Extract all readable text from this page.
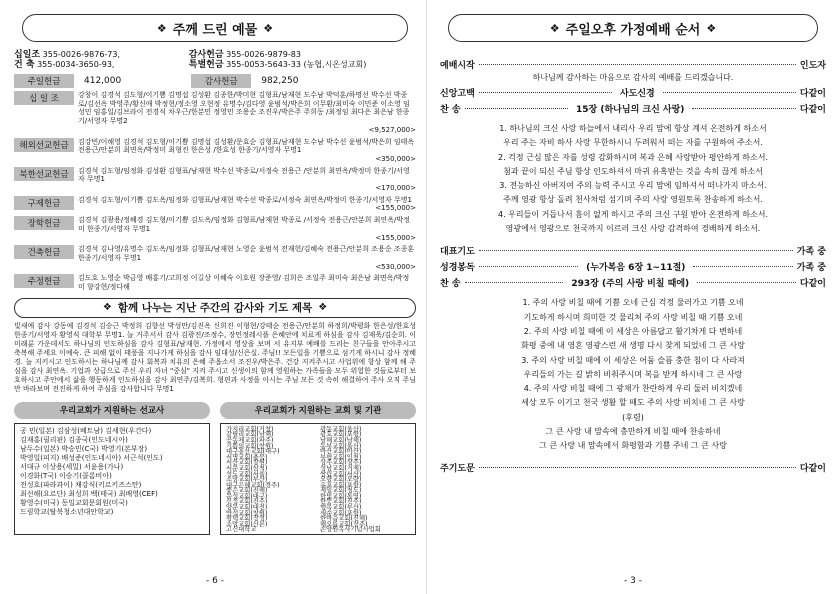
❖ 주께 드린 예물 ❖
십일조 355-0026-9876-73,
건 축 355-0034-3650-93,
감사헌금 355-0026-9879-83
특별헌금 355-0053-5643-33 (농협,시온성교회)
주일헌금	412,000	감사헌금	982,250
십 일 조	강창이 김경석 김도형/이기쁨 김명섭 김성환 김종한/박미현 김형표/남재현 도수남 박덕훈/하명선 박수선 박종로/김선옥 박영주/황신애 박정현/정소영 오현정 유명수/김다영 윤범석/박은희 이무환/최미숙 이민준 이소영 임성민 임홍일/김브라이 전경식 차우근/한분민 정영민 조용순 조진우/박은주 주희동 /최정임 최다은 최은남 한종기/서영자 무명2
<9,527,000>
해외선교헌금	김강빈/이해영 김경석 김도형/이기쁨 김명섭 김성환/문효순 김형표/남재현 도수남 박수선 윤범석/박은희 임태옥 전용근/안분희 최면옥/박정미 최형진 한은성 /한효성 한종기/서영자 무명1
<350,000>
북한선교헌금	김경석 김도형/임정화 김성환 김형표/남재현 박수선 박종로/서정숙 전용근 /안분희 최연옥/박정미 한종기/서영자 무명1
<170,000>
구제헌금	김경석 김도형/이기쁨 김도옥/임정화 김형표/남재현 박수선 박종로/서정숙 최연옥/박정미 한종기/서영자 무명1
<155,000>
장학헌금	김경석 김광용/정혜경 김도형/이기쁨 김도옥/임정화 김형표/남재현 박종로 /서정숙 전용근/안분희 최연옥/박정미 한종기/서영자 무명1
<155,000>
건축헌금	김경석 김나영/유명수 김도옥/임정화 김형표/남재현 노영순 윤범석 전재헌/김혜숙 전용근/안분희 조용순 조종훈 한종기/서영자 무명1
<530,000>
주정헌금	김도호 노영순 박금영 배홍기/고희정 이길상 이혜숙 이호원 장준영/ 김희은 조일주 최미숙 최은남 최면옥/박정미 향강현/정다해
❖ 함께 나누는 지난 주간의 감사와 기도 제목 ❖
빛새예 감사 강동예 김경석 김승근 박정희 김향선 박성만/김진옥 신희진 이형현/강태순 전용근/안분희 하정희/박평화 한은성/한효성 한종기/서영자 황영식 대학부 무명1. 늘 거주서서 감사 김광진/조정수, 장민정레시플 은혜안에 치료게 하심을 감사 김재욱/김순희. 이 미래룬 가운데서도 하나님의 인도하심을 감사 김형표/남재현. 가정에서 영상을 보며 서 유지부 예배를 드리는 친구들을 안아주시고 축복해 주세요 이예숙. 큰 피해 없이 태풍을 지나가게 하심을 감사 임대성/신은실. 주님!! 모든일을 기쁨으로 섬기게 하시니 감사 정혜경. 늘 지키시고 인도하시는 하나님께 감사 회복과 치유의 은혜 주옵소서 조진우/박은주. 건강 지켜주시고 사업위에 항상 함께 해 주심을 감사 최연옥. 기업과 상급으로 주신 우리 자녀 "중심" 지켜 주시고 신생이의 함께 영원하는 가족들을 모두 위험한 것들로부터 보호하시고 주안에서 삶을 행동하게 인도하심을 감사 최연주/김복희. 형편과 사정을 아시는 주님 모든 것 속히 해결하여 주사 오직 주님만 바라보며 전진하게 하여 주심을 감사합니다 무명1
우리교회가 지원하는 선교사
공 민(일본) 김삼성(베트남) 김세현(우간다)
김재홍(필리핀) 김종국(인도네시아)
남두수(일본) 박승민(C국) 박영기(본부장)
박영일(피지) 배성준(인도네시아) 서근석(인도)
서대규 이상용(세밀) 서윤용(가나)
이경화(T국) 이승기(콜롬비아)
전성호(파라과이) 채강식(키르키즈스탄)
최선해(요르단) 최성희 백(태국) 최배영(CEF)
황영수(미국) 동일교회문회원(미국)
드림학교(탈북청소년대안학교)
우리교회가 지원하는 교회 및 기관
가지리교회(거창)
갈릴리교회(남해)
공동체교회(파주)
기쁨의교회(창원)
대구홍산교회(대구)
서명교회(충북)
서산교회(창원)
서문교회(삼척)
성도교회(서울)
소망교회(부산)
대구은혜교회(경주)
좋은교회(진해)
문성교회(대구)
신정교회(진주)
양문교회(대전)
반석교회(창원)
평택교회(장성)
소망교회(산본)
고신대학교
광동교회(울산)
광호교회(포항)
남해교회(남해)
동부교회(울산)
마산교회(마산)
부평교회(인천)
상주교회(상주)
성남교회(거제)
쌍림교회(서산)
오량교회(오량)
유포교회(포항)
제일교회(청도)
한빛교회(통영)
한뜻교회(진주)
행복교회(부산)
새순교회(포항)
한마음교회(진해)
해오름교회(장주)
손양원목사기념사업회
- 6 -
❖ 주일오후 가정예배 순서 ❖
예배시작	인도자
하나님께 감사하는 마음으로 감사의 예배를 드리겠습니다.
신앙고백	사도신경	다같이
찬 송	15장 (하나님의 크신 사랑)	다같이
1. 하나님의 크신 사랑 하늘에서 내리사 우리 맘에 항상 계셔 온전하게 하소서
우리 주는 자비 하사 사랑 무한하시니 두려워서 떠는 자를 구원하여 주소서.
2. 걱정 근심 많은 자를 성령 감화하시며 복과 은혜 사랑받아 평안하게 하소서.
첨과 끝이 되신 주님 항상 인도하셔서 마귀 유혹받는 것을 속히 끊게 하소서
3. 전능하신 아버지여 주의 능력 주시고 우리 맘에 임하셔서 떠나가지 마소서.
주께 영광 항상 돌려 천사처럼 섬기며 주의 사랑 영원토록 찬송하게 하소서.
4. 우리들이 거듭나서 흠이 없게 하시고 주의 크신 구원 받아 온전하게 하소서.
영광에서 영광으로 천국까지 이르러 크신 사랑 감격하여 경배하게 하소서.
대표기도	가족 중
성경봉독	(누가복음 6장 1~11절)	가족 중
찬 송	293장 (주의 사랑 비칠 때에)	다같이
1. 주의 사랑 비칠 때에 기쁨 오네 근심 걱정 물러가고 기쁨 오네
기도하게 하시며 희미한 것 물리쳐 주의 사랑 비칠 때 기쁨 오네
2. 주의 사랑 비칠 때에 이 세상은 아름답고 활기차게 다 변하네
화평 중에 내 영혼 영광스런 새 생명 다시 찾게 되었네 그 큰 사랑
3. 주의 사랑 비칠 때에 이 세상은 어둠 슬픔 충한 침이 다 사라져
우리들의 가는 길 밝히 비춰주시며 복을 받게 하시네 그 큰 사랑
4. 주의 사랑 비칠 때에 그 광채가 찬란하게 우리 둘러 비치겠네
세상 모두 이기고 천국 생활 할 때도 주의 사랑 비치네 그 큰 사랑
(후렴)
그 큰 사랑 내 맘속에 충만하게 비칠 때에 찬송하네
그 큰 사랑 내 맘속에서 화평함과 기쁨 주네 그 큰 사랑
주기도문	다같이
- 3 -
